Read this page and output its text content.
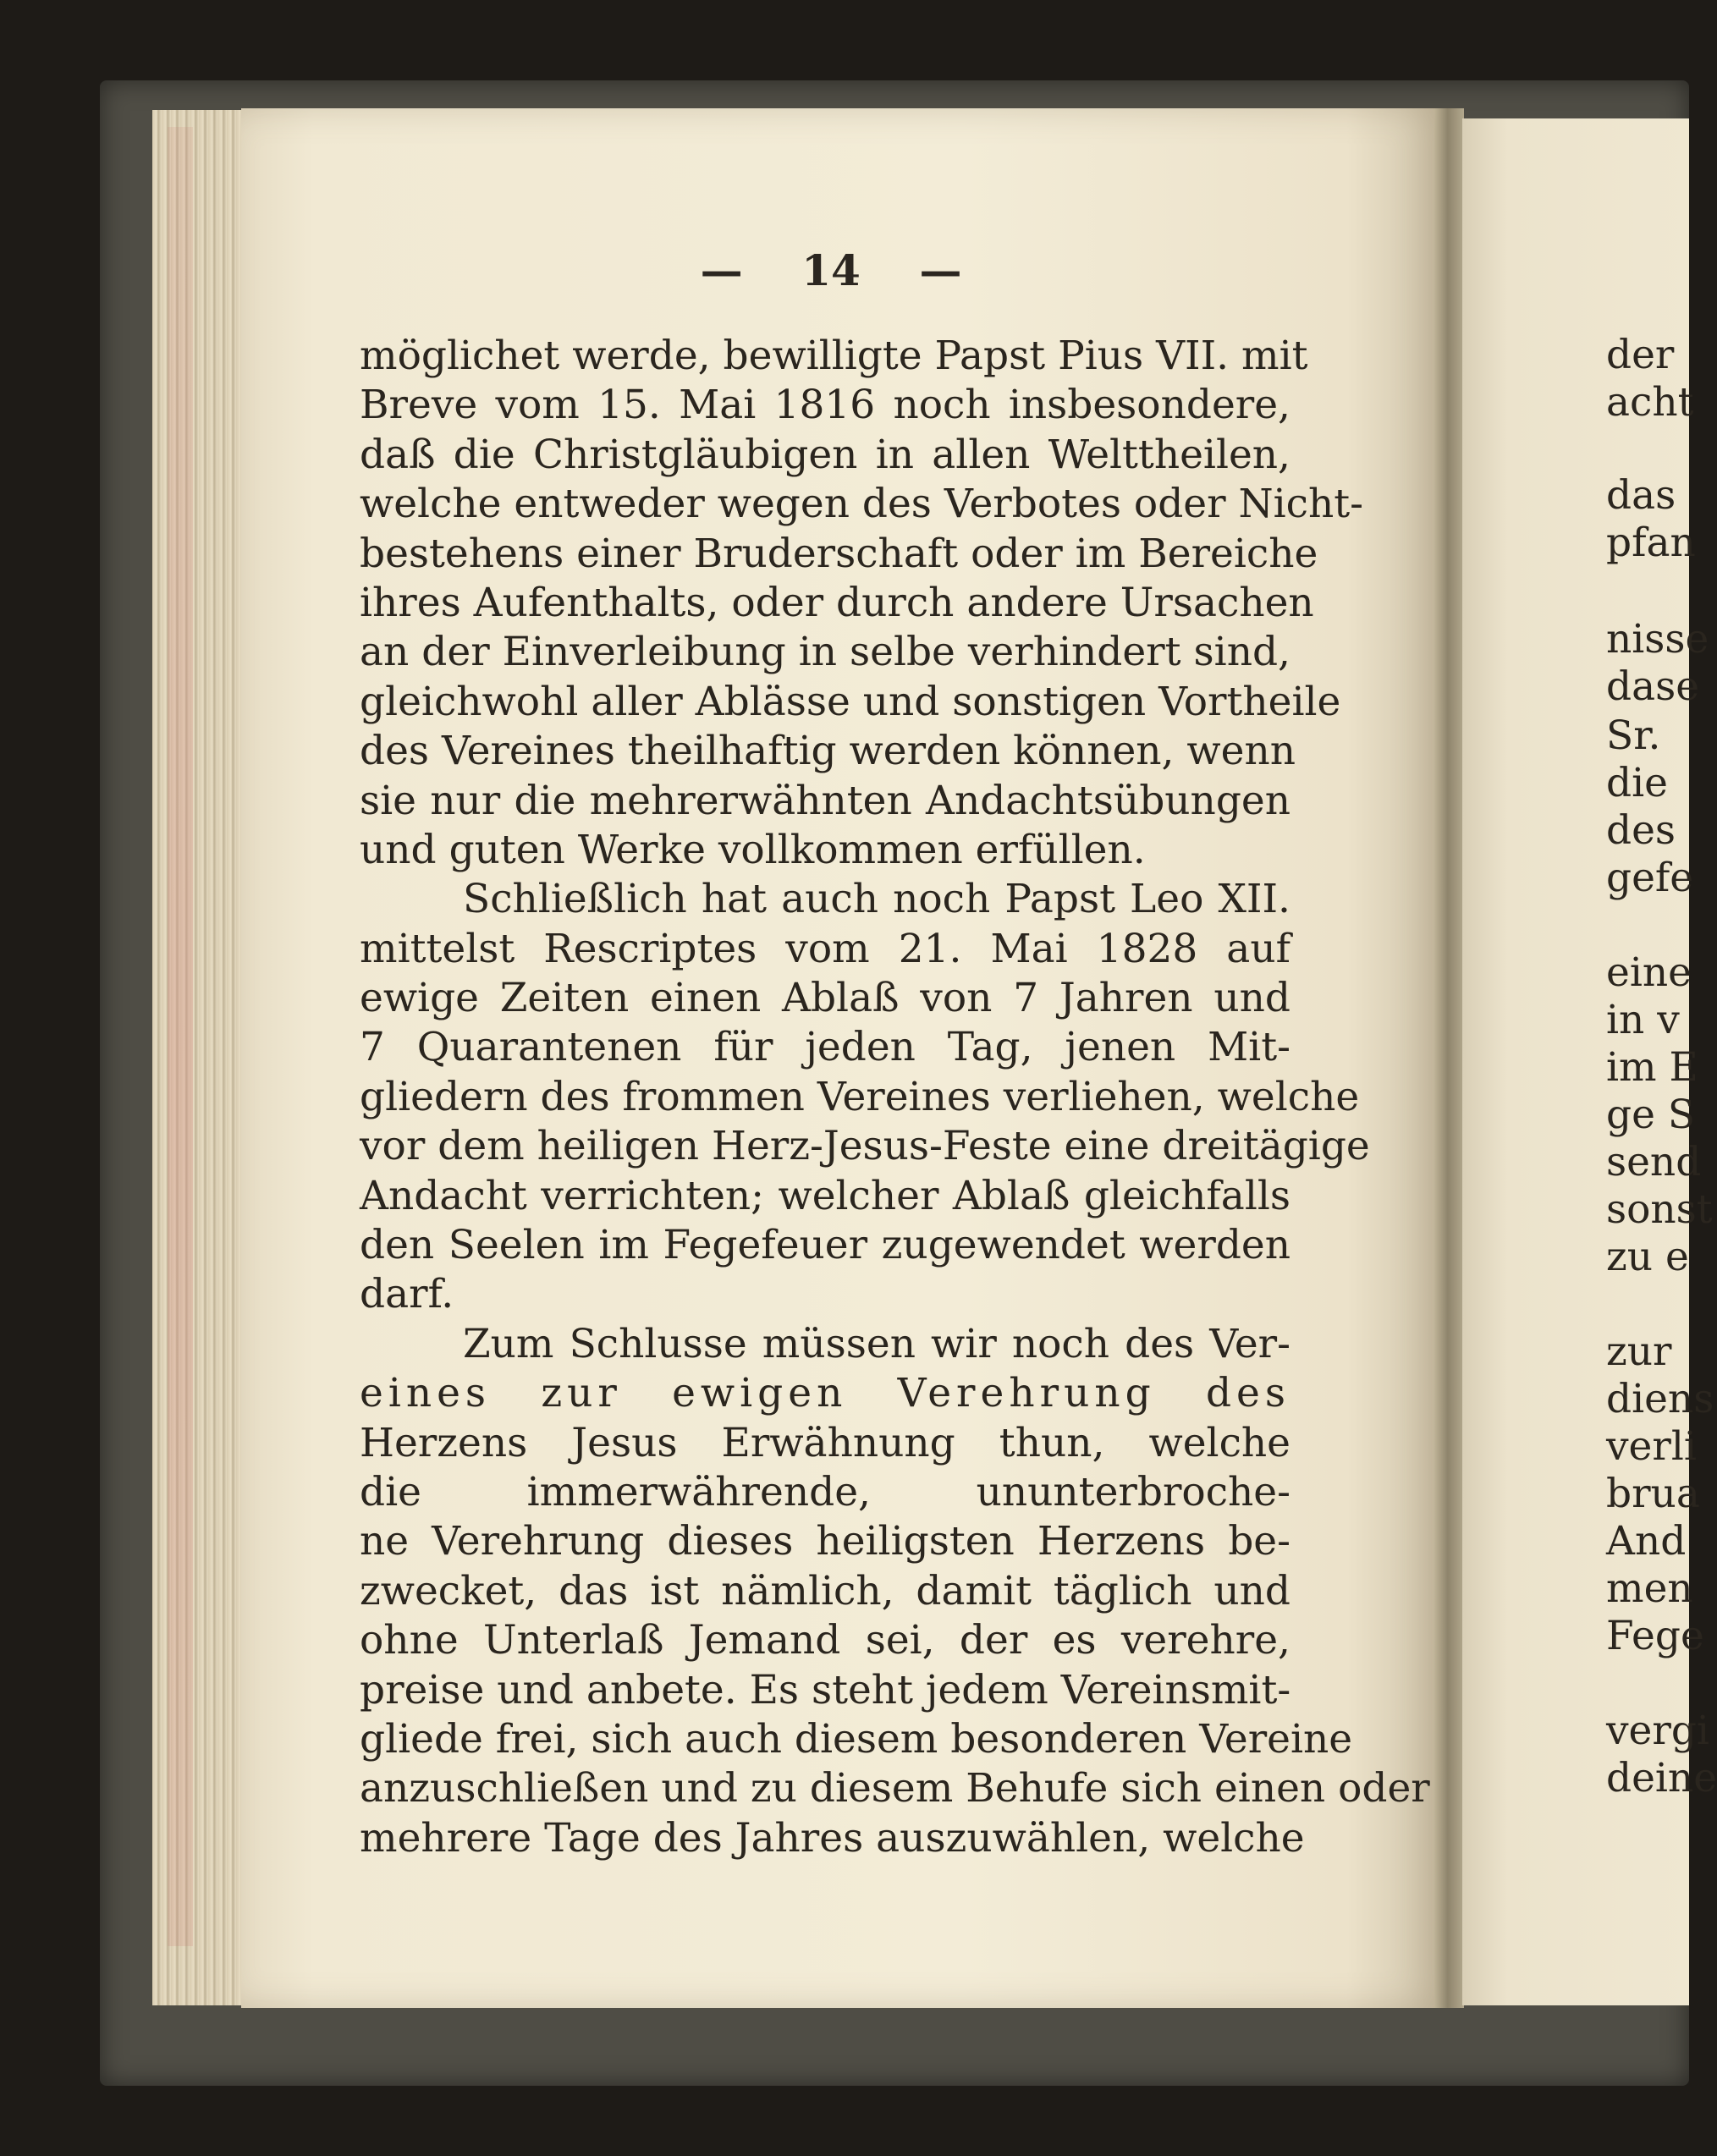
— 14 —
möglichet werde, bewilligte Papst Pius VII. mit
Breve vom 15. Mai 1816 noch insbesondere,
daß die Christgläubigen in allen Welttheilen,
welche entweder wegen des Verbotes oder Nicht-
bestehens einer Bruderschaft oder im Bereiche
ihres Aufenthalts, oder durch andere Ursachen
an der Einverleibung in selbe verhindert sind,
gleichwohl aller Ablässe und sonstigen Vortheile
des Vereines theilhaftig werden können, wenn
sie nur die mehrerwähnten Andachtsübungen
und guten Werke vollkommen erfüllen.
Schließlich hat auch noch Papst Leo XII.
mittelst Rescriptes vom 21. Mai 1828 auf
ewige Zeiten einen Ablaß von 7 Jahren und
7 Quarantenen für jeden Tag, jenen Mit-
gliedern des frommen Vereines verliehen, welche
vor dem heiligen Herz-Jesus-Feste eine dreitägige
Andacht verrichten; welcher Ablaß gleichfalls
den Seelen im Fegefeuer zugewendet werden
darf.
Zum Schlusse müssen wir noch des Ver-
eines zur ewigen Verehrung des
Herzens Jesus Erwähnung thun, welche
die immerwährende, ununterbroche-
ne Verehrung dieses heiligsten Herzens be-
zwecket, das ist nämlich, damit täglich und
ohne Unterlaß Jemand sei, der es verehre,
preise und anbete. Es steht jedem Vereinsmit-
gliede frei, sich auch diesem besonderen Vereine
anzuschließen und zu diesem Behufe sich einen oder
mehrere Tage des Jahres auszuwählen, welche
der
acht
das
pfan
nisse
dase
Sr.
die
des
gefe
eine
in v
im E
ge S
send
sonst
zu e
zur
diens
verli
brua
And
men
Fege
vergi
deine
